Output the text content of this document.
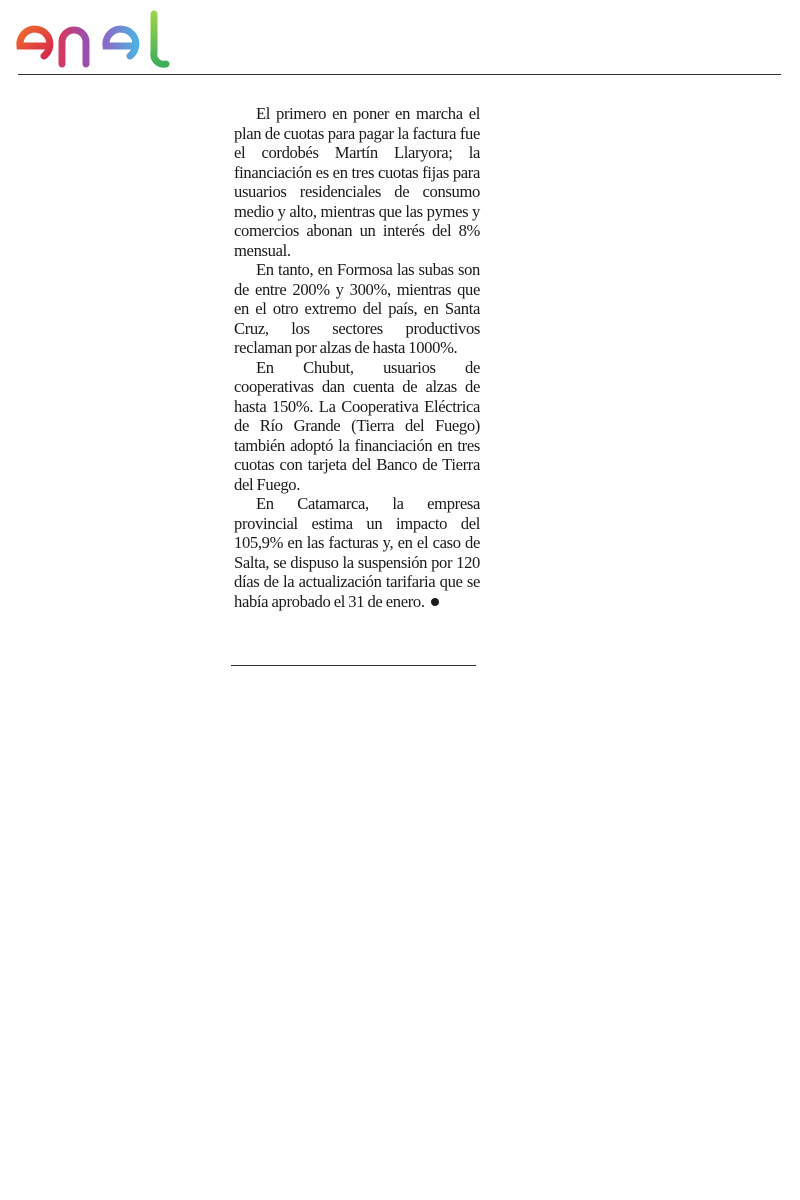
El primero en poner en marcha el plan de cuotas para pagar la factura fue el cordobés Martín Llaryora; la financiación es en tres cuotas fijas para usuarios residenciales de consumo medio y alto, mientras que las pymes y comercios abonan un interés del 8% mensual.

En tanto, en Formosa las subas son de entre 200% y 300%, mientras que en el otro extremo del país, en Santa Cruz, los sectores productivos reclaman por alzas de hasta 1000%.

En Chubut, usuarios de cooperativas dan cuenta de alzas de hasta 150%. La Cooperativa Eléctrica de Río Grande (Tierra del Fuego) también adoptó la financiación en tres cuotas con tarjeta del Banco de Tierra del Fuego.

En Catamarca, la empresa provincial estima un impacto del 105,9% en las facturas y, en el caso de Salta, se dispuso la suspensión por 120 días de la actualización tarifaria que se había aprobado el 31 de enero.
